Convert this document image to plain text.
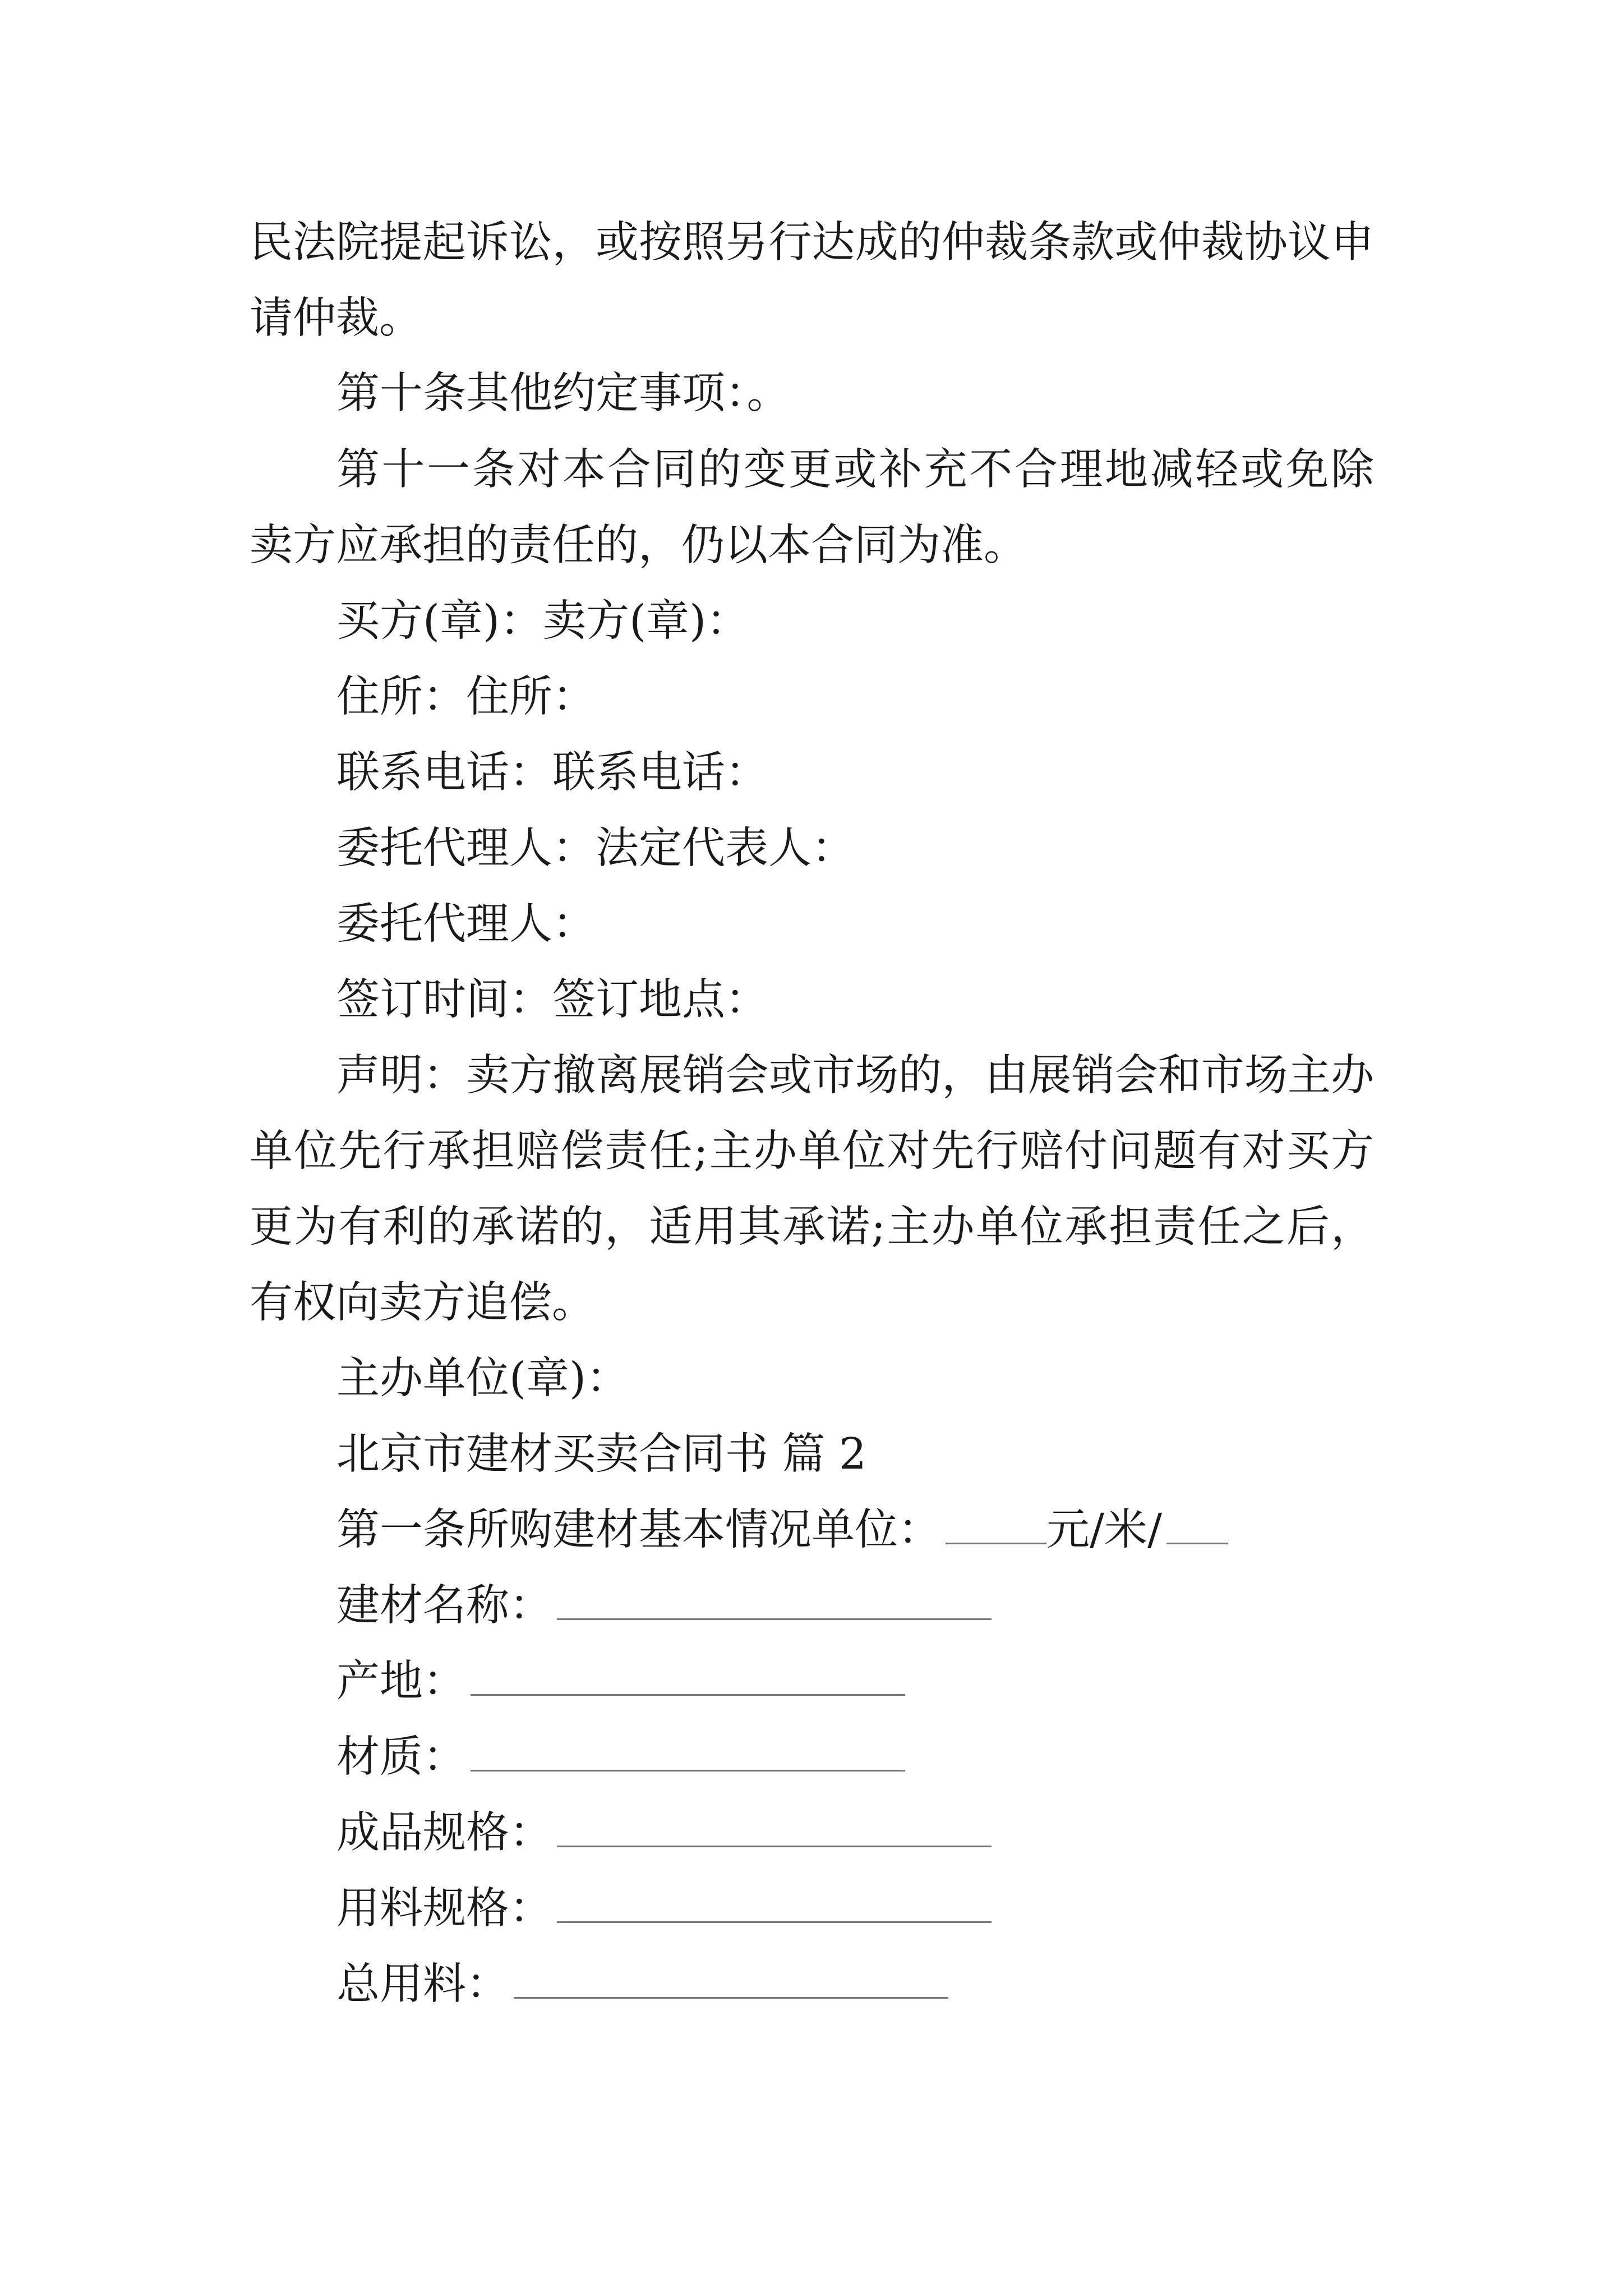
民法院提起诉讼，或按照另行达成的仲裁条款或仲裁协议申
请仲裁。
第十条其他约定事项：。
第十一条对本合同的变更或补充不合理地减轻或免除
卖方应承担的责任的，仍以本合同为准。
买方(章)：卖方(章)：
住所：住所：
联系电话：联系电话：
委托代理人：法定代表人：
委托代理人：
签订时间：签订地点：
声明：卖方撤离展销会或市场的，由展销会和市场主办
单位先行承担赔偿责任;主办单位对先行赔付问题有对买方
更为有利的承诺的，适用其承诺;主办单位承担责任之后，
有权向卖方追偿。
主办单位(章)：
北京市建材买卖合同书 篇 2
第一条所购建材基本情况单位： 元/米/
建材名称：
产地：
材质：
成品规格：
用料规格：
总用料：
